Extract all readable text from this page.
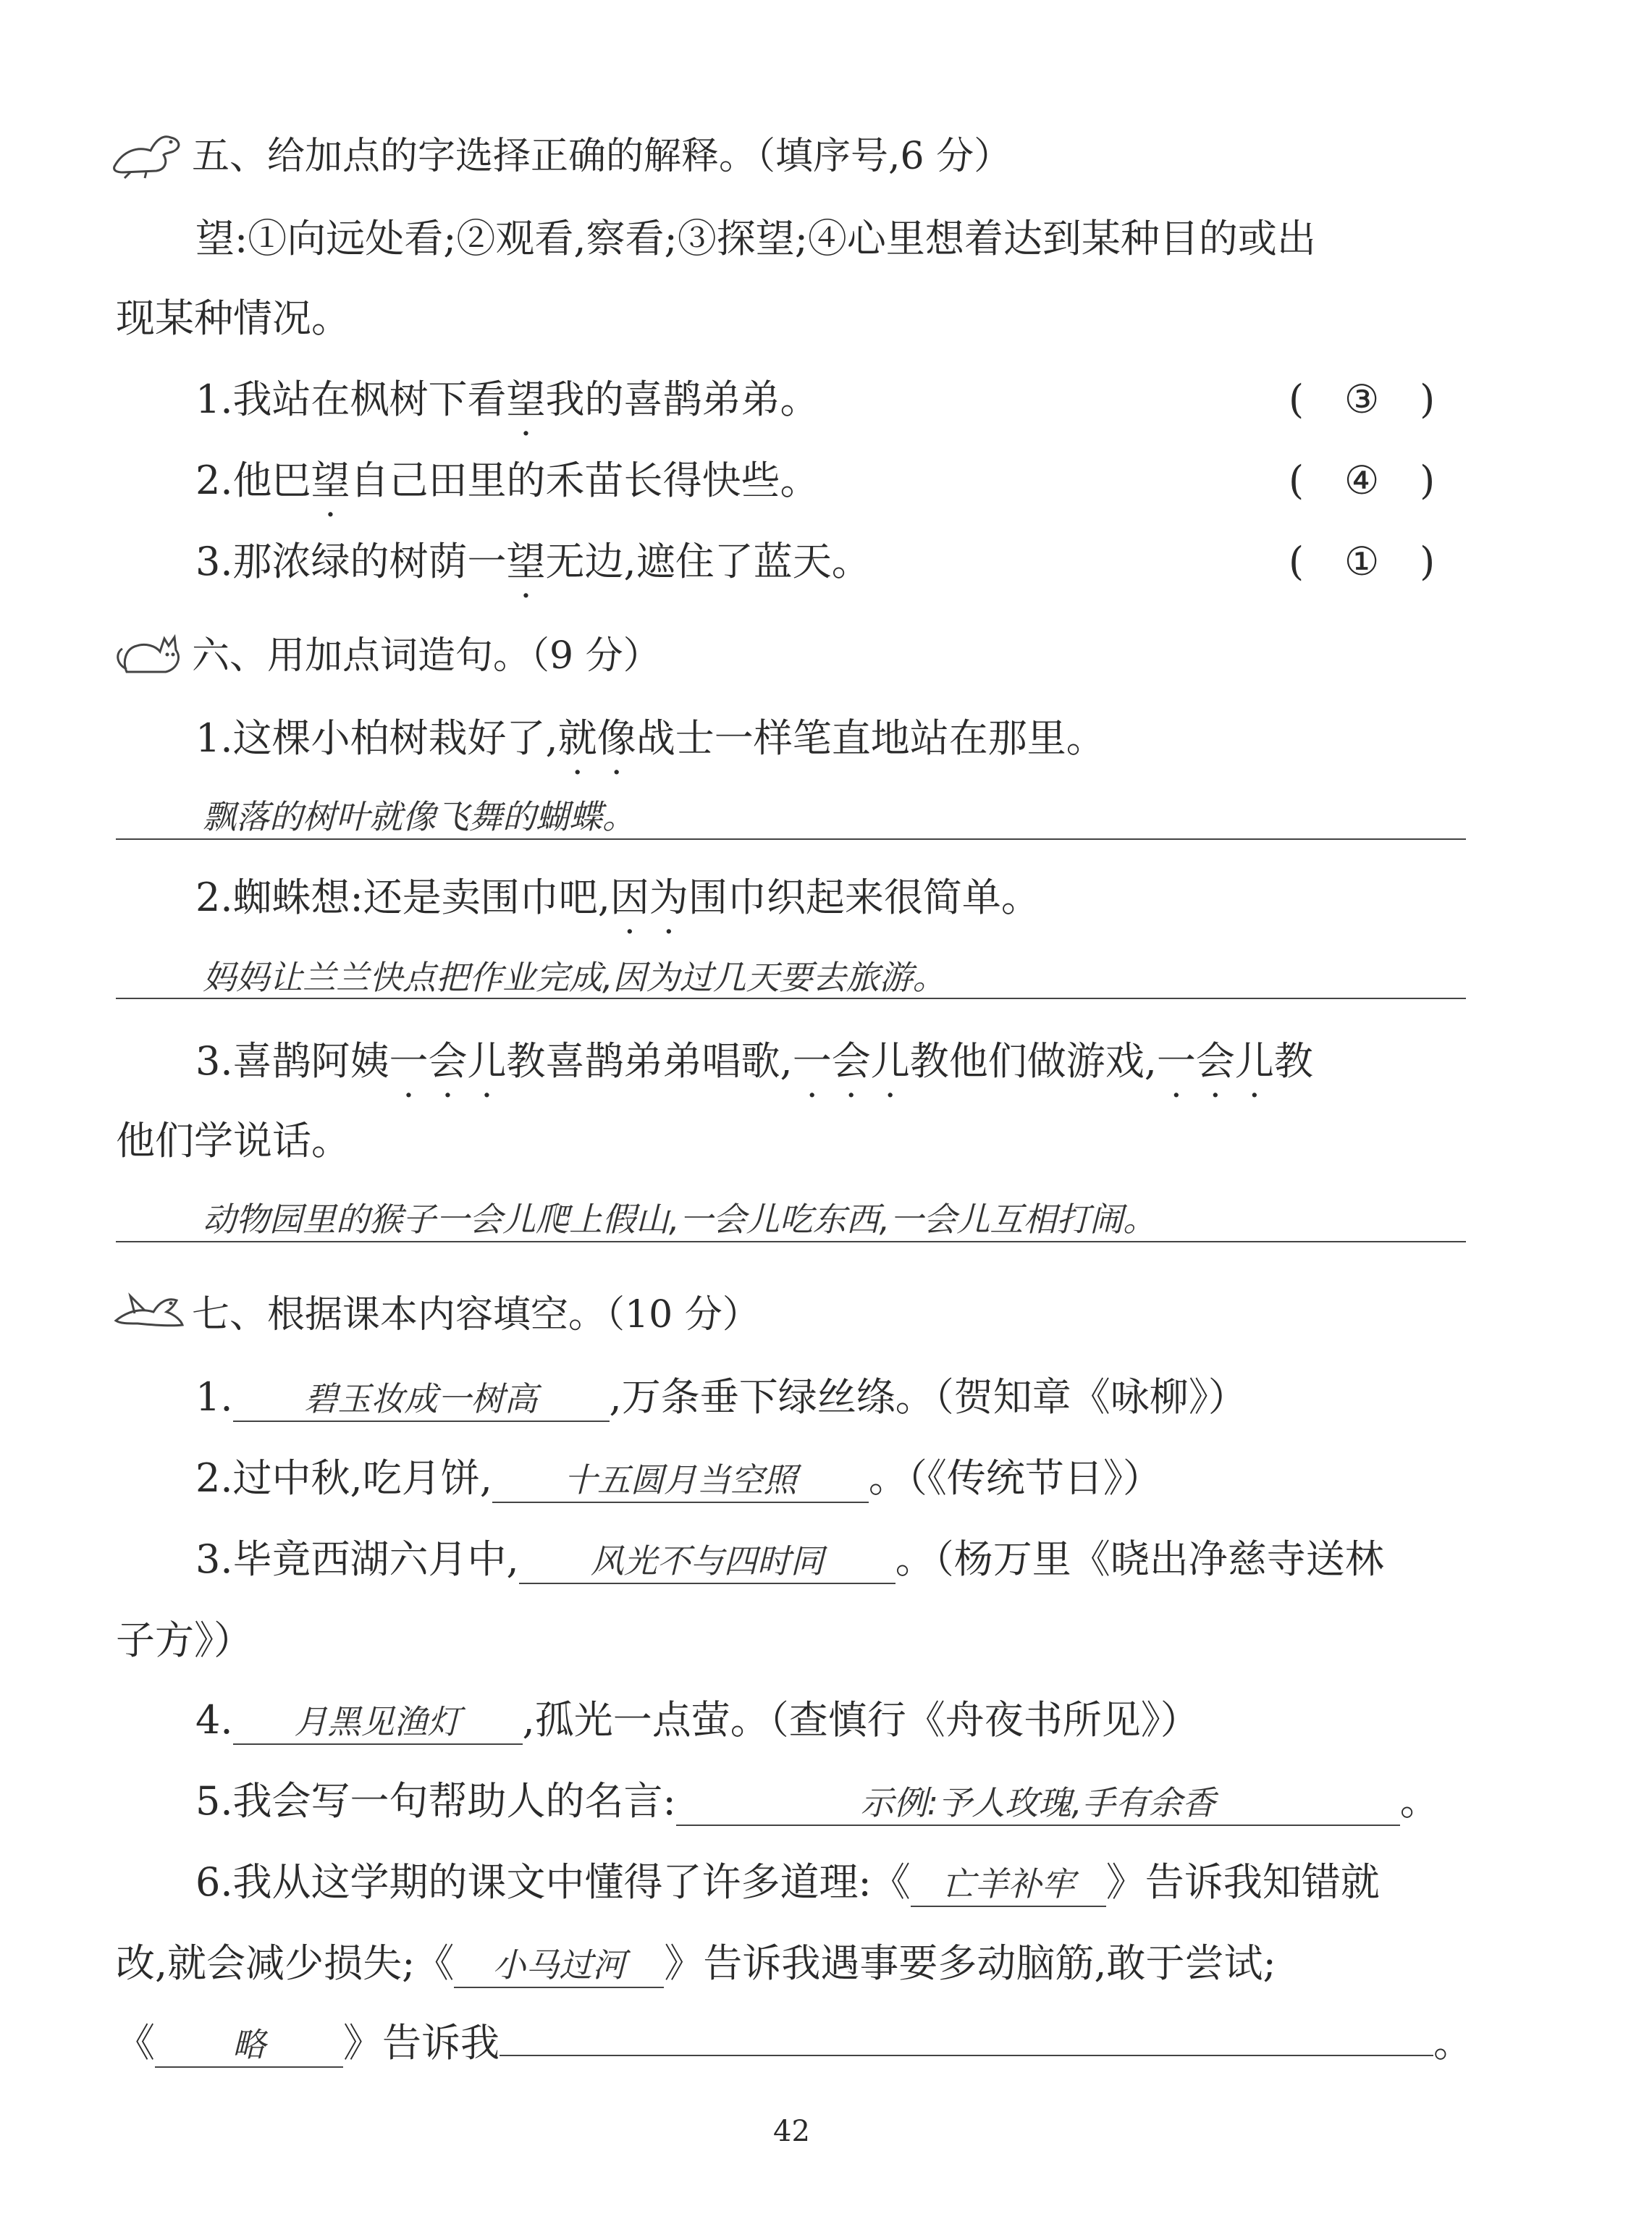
五、给加点的字选择正确的解释。（填序号,6 分）
望:①向远处看;②观看,察看;③探望;④心里想着达到某种目的或出
现某种情况。
1.我站在枫树下看望我的喜鹊弟弟。	( ③ )
2.他巴望自己田里的禾苗长得快些。	( ④ )
3.那浓绿的树荫一望无边,遮住了蓝天。	( ① )
六、用加点词造句。（9 分）
1.这棵小柏树栽好了,就像战士一样笔直地站在那里。
飘落的树叶就像飞舞的蝴蝶。
2.蜘蛛想:还是卖围巾吧,因为围巾织起来很简单。
妈妈让兰兰快点把作业完成,因为过几天要去旅游。
3.喜鹊阿姨一会儿教喜鹊弟弟唱歌,一会儿教他们做游戏,一会儿教
他们学说话。
动物园里的猴子一会儿爬上假山,一会儿吃东西,一会儿互相打闹。
七、根据课本内容填空。（10 分）
1. 碧玉妆成一树高 ,万条垂下绿丝绦。（贺知章《咏柳》）
2.过中秋,吃月饼, 十五圆月当空照 。（《传统节日》）
3.毕竟西湖六月中, 风光不与四时同 。（杨万里《晓出净慈寺送林
子方》）
4. 月黑见渔灯 ,孤光一点萤。（查慎行《舟夜书所见》）
5.我会写一句帮助人的名言:	示例:予人玫瑰,手有余香	。
6.我从这学期的课文中懂得了许多道理:《 亡羊补牢 》告诉我知错就
改,就会减少损失;《 小马过河 》告诉我遇事要多动脑筋,敢于尝试;
《 略 》告诉我	。
42
